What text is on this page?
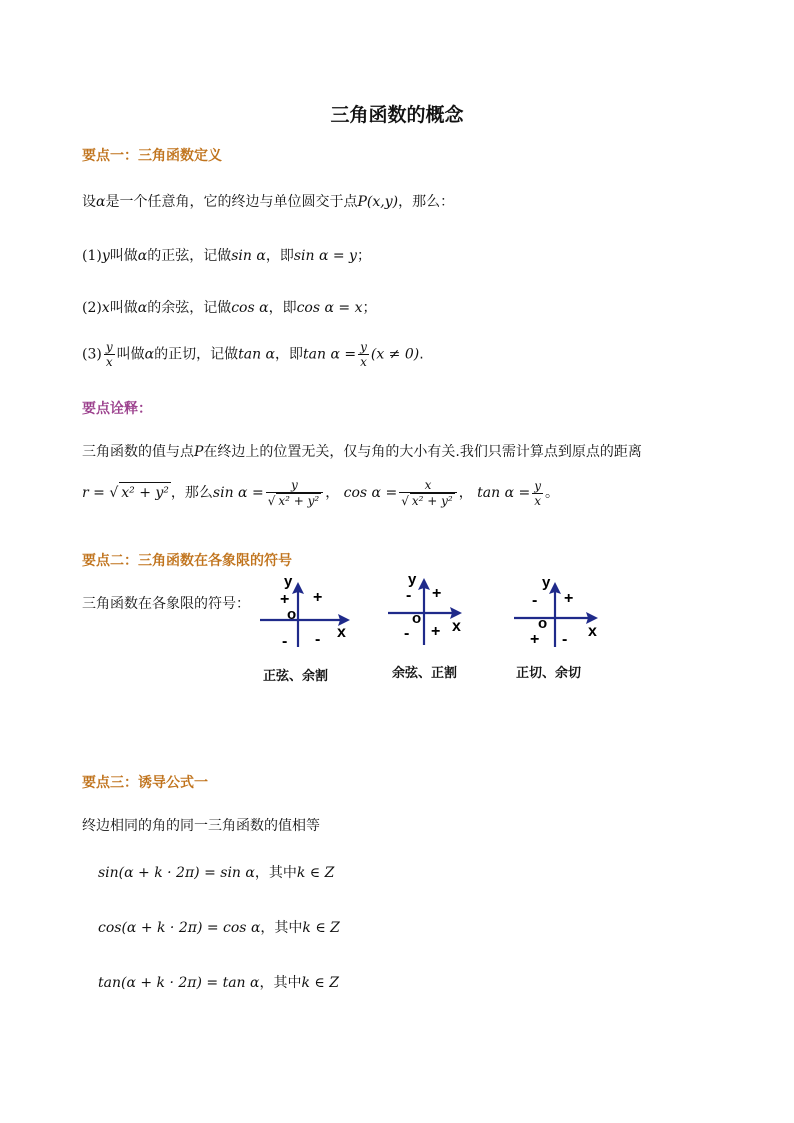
三角函数的概念
要点一：三角函数定义
设α是一个任意角，它的终边与单位圆交于点P(x,y)，那么：
(1)y叫做α的正弦，记做sin α，即sin α = y；
(2)x叫做α的余弦，记做cos α，即cos α = x；
$(3) \frac{y}{x}$ 叫做α的正切，记做tan α，即$\tan \alpha = \frac{y}{x} (x \ne 0)$.
要点诠释：
三角函数的值与点P在终边上的位置无关，仅与角的大小有关.我们只需计算点到原点的距离
r = √ x² + y² ，那么$\sin \alpha = \frac{y}{\text{√ x² + y²}}$ ， $\cos \alpha = \frac{x}{\text{√ x² + y²}}$ ， $\tan \alpha = \frac{y}{x}$ 。
要点二：三角函数在各象限的符号
三角函数在各象限的符号：
y
x
o
+ +
- -
正弦、余割
y
x
o
- +
- +
余弦、正割
y
x
o
- +
+ -
正切、余切
要点三：诱导公式一
终边相同的角的同一三角函数的值相等
sin(α + k · 2π) = sin α，其中k ∈ Z
cos(α + k · 2π) = cos α，其中k ∈ Z
tan(α + k · 2π) = tan α，其中k ∈ Z
